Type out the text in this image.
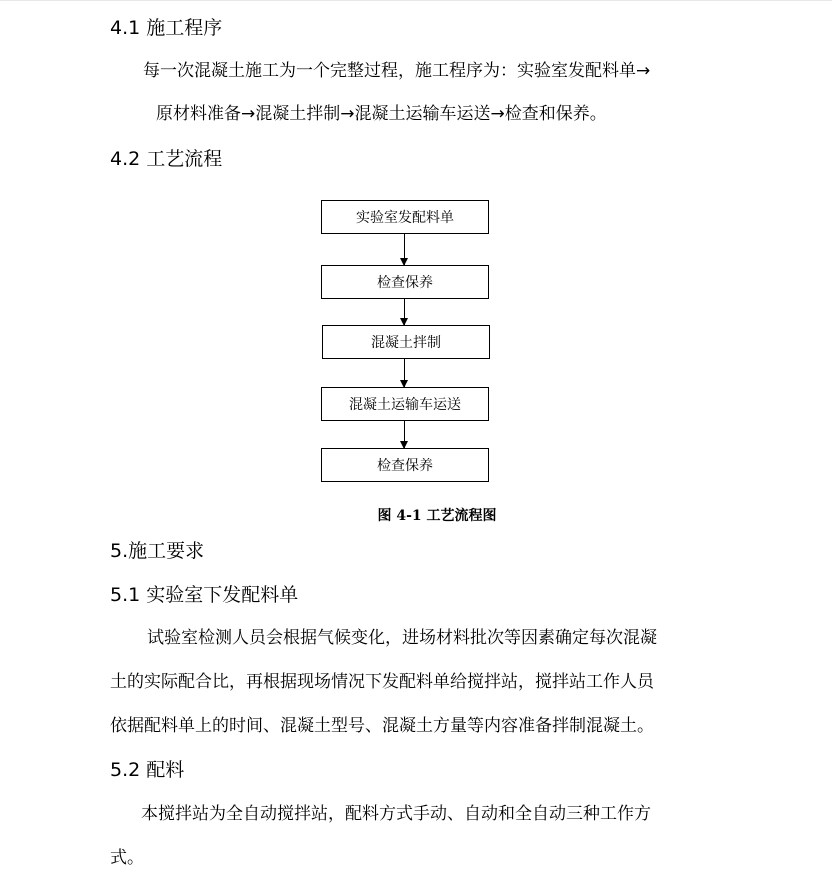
4.1 施工程序

每一次混凝土施工为一个完整过程，施工程序为：实验室发配料单→

原材料准备→混凝土拌制→混凝土运输车运送→检查和保养。

4.2 工艺流程
实验室发配料单
检查保养
混凝土拌制
混凝土运输车运送
检查保养
图 4-1 工艺流程图
5.施工要求
5.1 实验室下发配料单

试验室检测人员会根据气候变化，进场材料批次等因素确定每次混凝

土的实际配合比，再根据现场情况下发配料单给搅拌站，搅拌站工作人员

依据配料单上的时间、混凝土型号、混凝土方量等内容准备拌制混凝土。

5.2 配料

本搅拌站为全自动搅拌站，配料方式手动、自动和全自动三种工作方

式。
